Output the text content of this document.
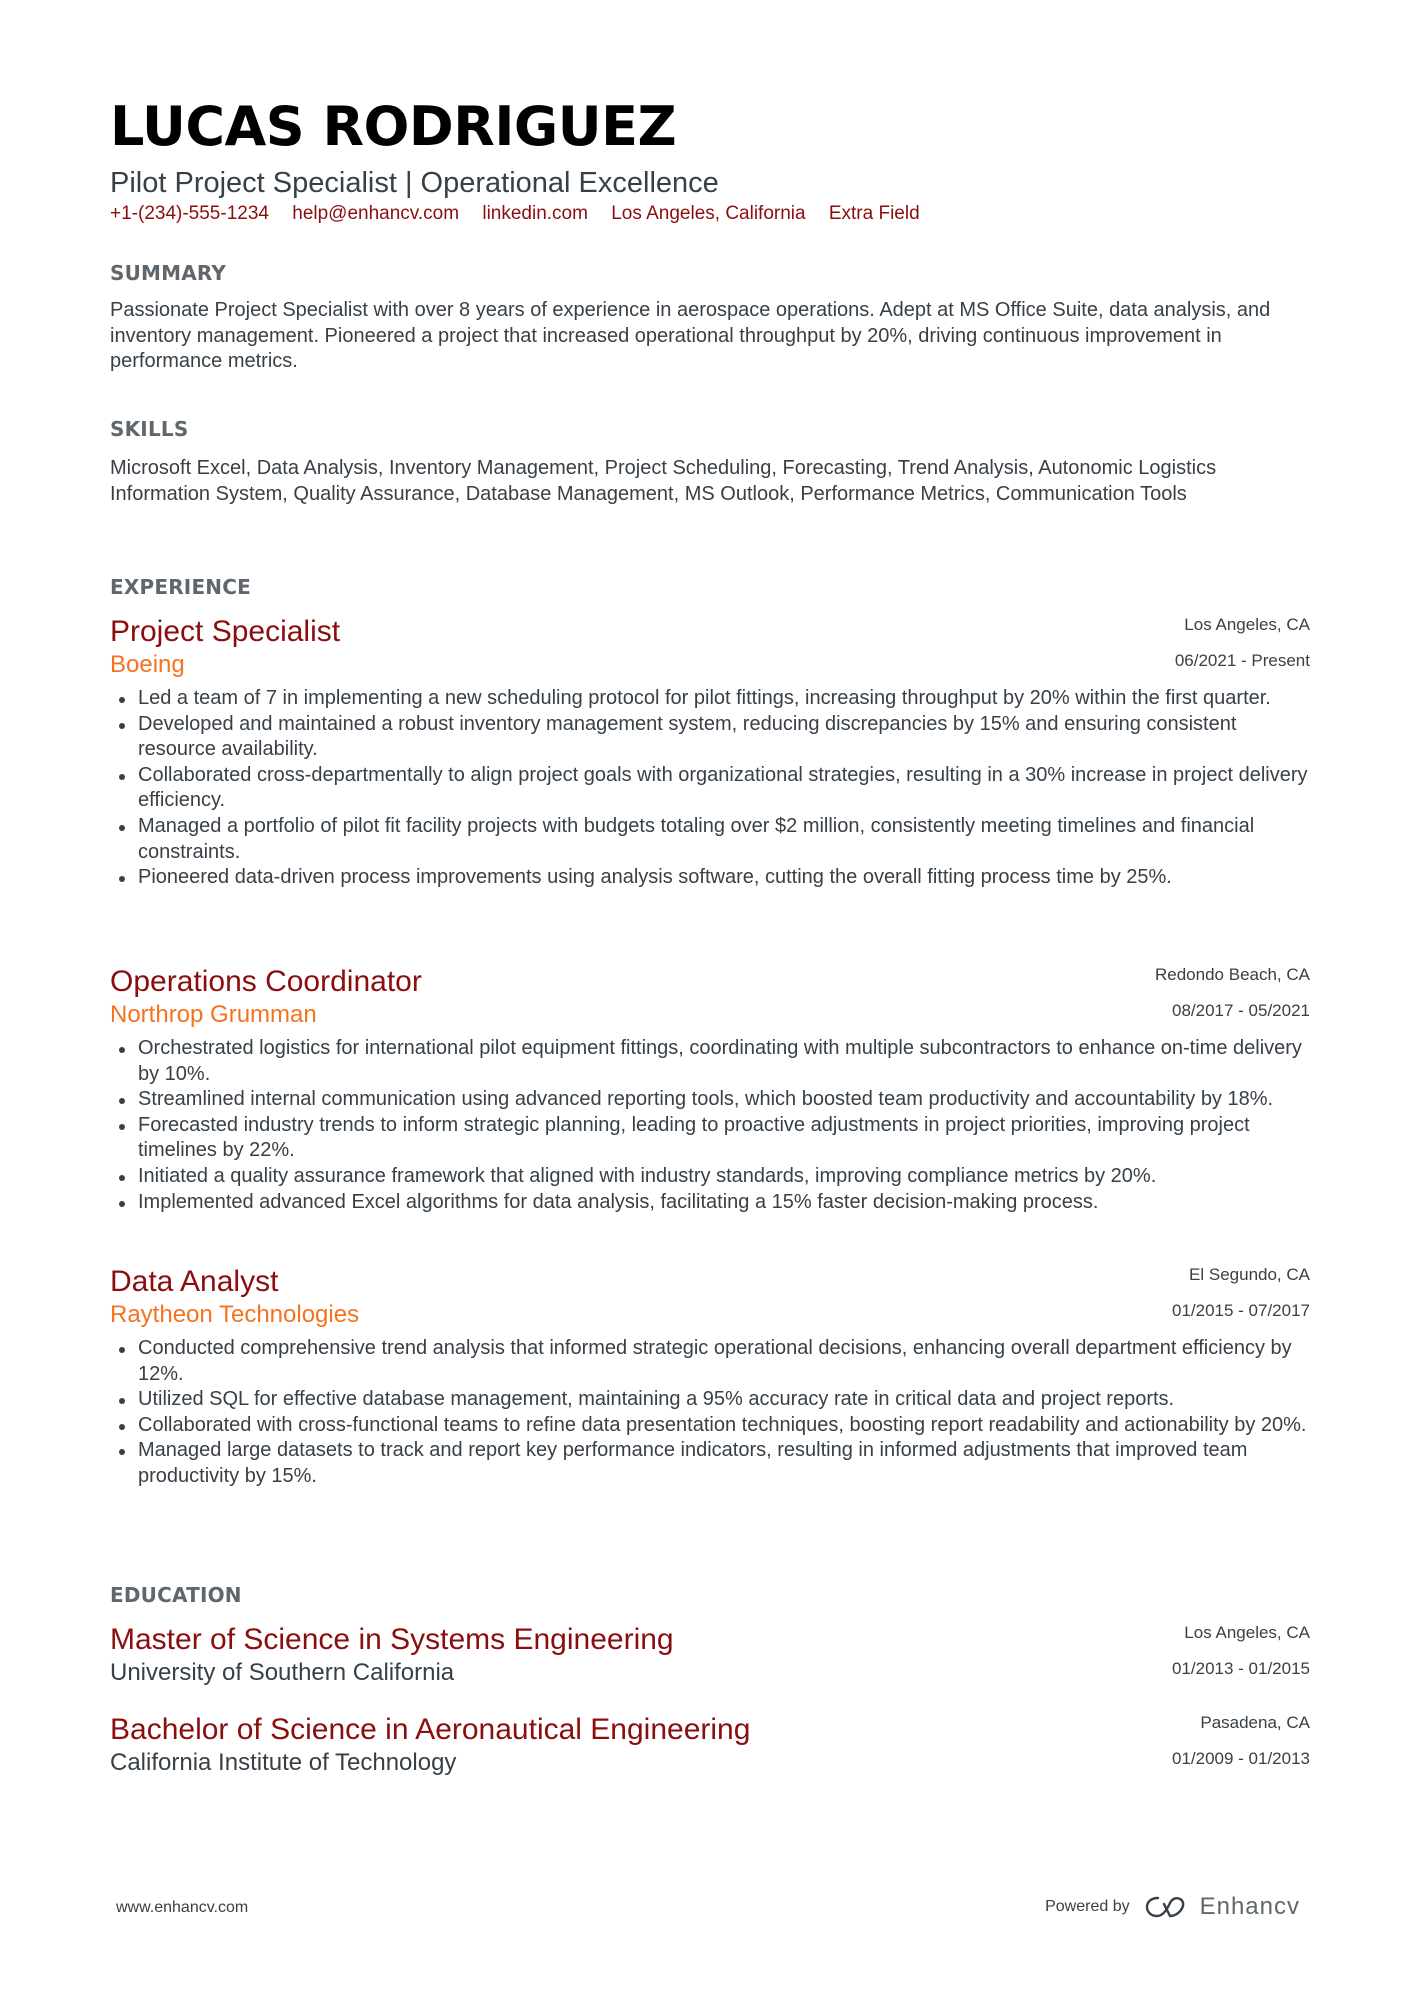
LUCAS RODRIGUEZ
Pilot Project Specialist | Operational Excellence
+1-(234)-555-1234 help@enhancv.com linkedin.com Los Angeles, California Extra Field
SUMMARY
Passionate Project Specialist with over 8 years of experience in aerospace operations. Adept at MS Office Suite, data analysis, and inventory management. Pioneered a project that increased operational throughput by 20%, driving continuous improvement in performance metrics.
SKILLS
Microsoft Excel, Data Analysis, Inventory Management, Project Scheduling, Forecasting, Trend Analysis, Autonomic Logistics Information System, Quality Assurance, Database Management, MS Outlook, Performance Metrics, Communication Tools
EXPERIENCE
Project Specialist	Los Angeles, CA
Boeing	06/2021 - Present
Led a team of 7 in implementing a new scheduling protocol for pilot fittings, increasing throughput by 20% within the first quarter.
Developed and maintained a robust inventory management system, reducing discrepancies by 15% and ensuring consistent resource availability.
Collaborated cross-departmentally to align project goals with organizational strategies, resulting in a 30% increase in project delivery efficiency.
Managed a portfolio of pilot fit facility projects with budgets totaling over $2 million, consistently meeting timelines and financial constraints.
Pioneered data-driven process improvements using analysis software, cutting the overall fitting process time by 25%.
Operations Coordinator	Redondo Beach, CA
Northrop Grumman	08/2017 - 05/2021
Orchestrated logistics for international pilot equipment fittings, coordinating with multiple subcontractors to enhance on-time delivery by 10%.
Streamlined internal communication using advanced reporting tools, which boosted team productivity and accountability by 18%.
Forecasted industry trends to inform strategic planning, leading to proactive adjustments in project priorities, improving project timelines by 22%.
Initiated a quality assurance framework that aligned with industry standards, improving compliance metrics by 20%.
Implemented advanced Excel algorithms for data analysis, facilitating a 15% faster decision-making process.
Data Analyst	El Segundo, CA
Raytheon Technologies	01/2015 - 07/2017
Conducted comprehensive trend analysis that informed strategic operational decisions, enhancing overall department efficiency by 12%.
Utilized SQL for effective database management, maintaining a 95% accuracy rate in critical data and project reports.
Collaborated with cross-functional teams to refine data presentation techniques, boosting report readability and actionability by 20%.
Managed large datasets to track and report key performance indicators, resulting in informed adjustments that improved team productivity by 15%.
EDUCATION
Master of Science in Systems Engineering	Los Angeles, CA
University of Southern California	01/2013 - 01/2015
Bachelor of Science in Aeronautical Engineering	Pasadena, CA
California Institute of Technology	01/2009 - 01/2013
www.enhancv.com	Powered by	Enhancv
